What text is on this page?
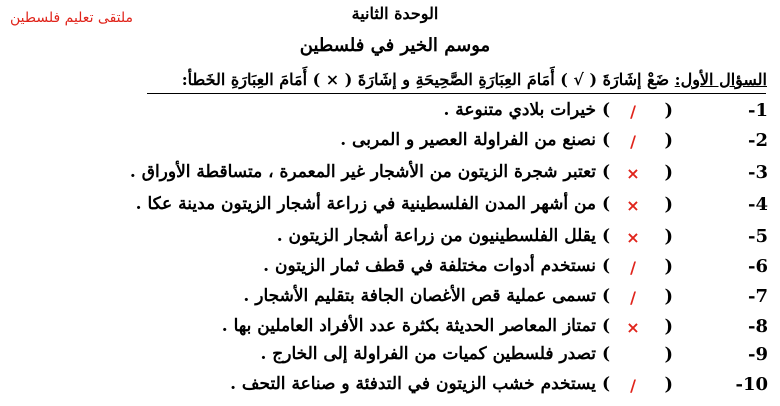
ملتقى تعليم فلسطين	الوحدة الثانية
موسم الخير في فلسطين
السؤال الأول: ضَعْ إشَارَةَ ( √ ) أَمَامَ العِبَارَةِ الصَّحِيحَةِ و إشَارَةَ ( × ) أَمَامَ العِبَارَةِ الخَطأ:
1-
(
/
) خيرات بلادي متنوعة .
2-
(
/
) نصنع من الفراولة العصير و المربى .
3-
(
×
) تعتبر شجرة الزيتون من الأشجار غير المعمرة ، متساقطة الأوراق .
4-
(
×
) من أشهر المدن الفلسطينية في زراعة أشجار الزيتون مدينة عكا .
5-
(
×
) يقلل الفلسطينيون من زراعة أشجار الزيتون .
6-
(
/
) نستخدم أدوات مختلفة في قطف ثمار الزيتون .
7-
(
/
) تسمى عملية قص الأغصان الجافة بتقليم الأشجار .
8-
(
×
) تمتاز المعاصر الحديثة بكثرة عدد الأفراد العاملين بها .
9-
(
) تصدر فلسطين كميات من الفراولة إلى الخارج .
10-
(
/
) يستخدم خشب الزيتون في التدفئة و صناعة التحف .
